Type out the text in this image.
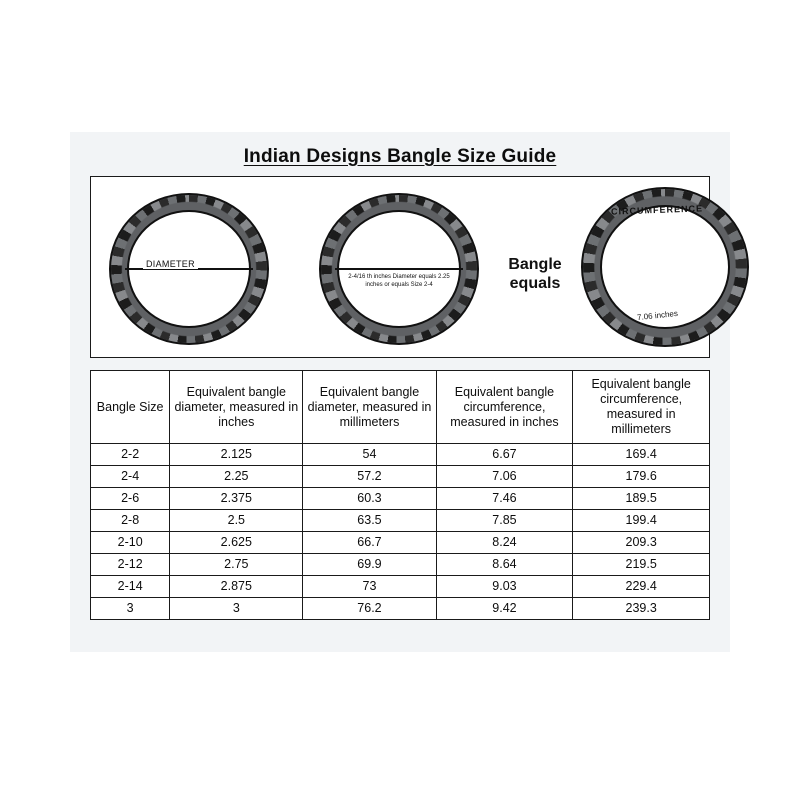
Indian Designs Bangle Size Guide
DIAMETER
2-4/16 th inches Diameter equals 2.25 inches or equals Size 2-4
Bangle
equals
CIRCUMFERENCE
7.06 inches
Bangle Size	Equivalent bangle diameter, measured in inches	Equivalent bangle diameter, measured in millimeters	Equivalent bangle circumference, measured in inches	Equivalent bangle circumference, measured in millimeters
2-2	2.125	54	6.67	169.4
2-4	2.25	57.2	7.06	179.6
2-6	2.375	60.3	7.46	189.5
2-8	2.5	63.5	7.85	199.4
2-10	2.625	66.7	8.24	209.3
2-12	2.75	69.9	8.64	219.5
2-14	2.875	73	9.03	229.4
3	3	76.2	9.42	239.3
